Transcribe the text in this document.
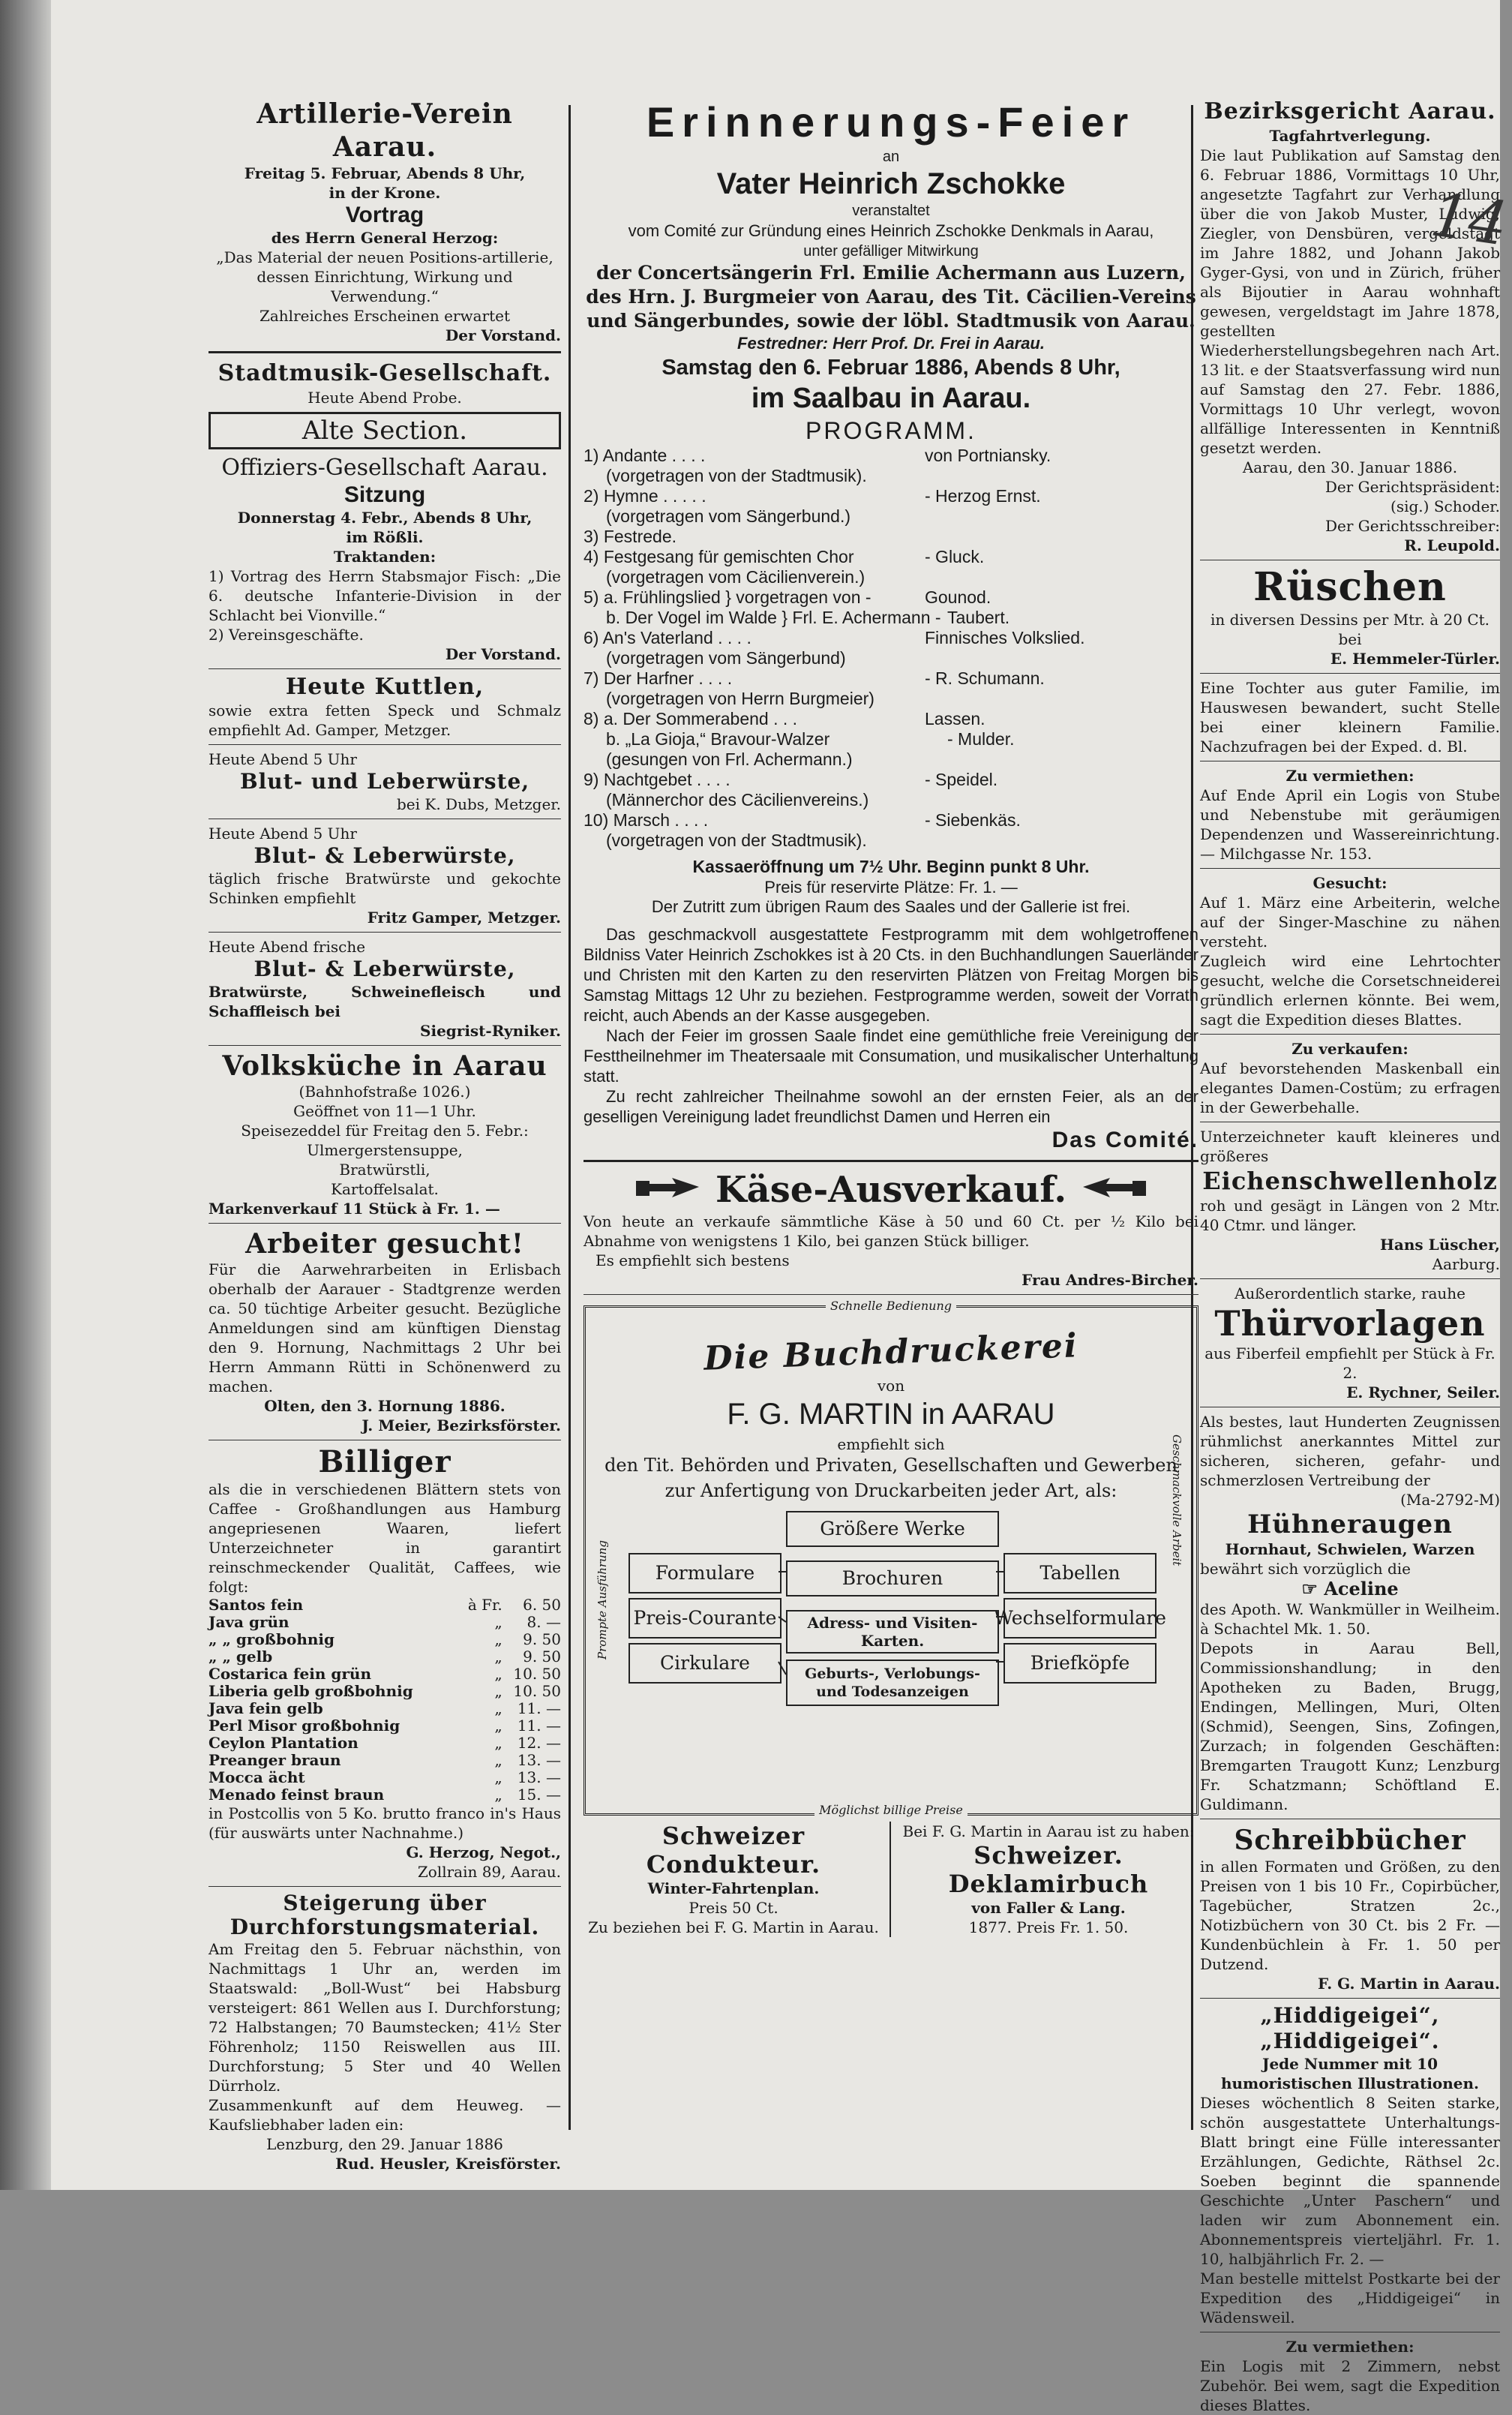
Artillerie-Verein Aarau.

Freitag 5. Februar, Abends 8 Uhr,

in der Krone.

Vortrag

des Herrn General Herzog:

„Das Material der neuen Positions-artillerie, dessen Einrichtung, Wirkung und Verwendung.“

Zahlreiches Erscheinen erwartet

Der Vorstand.

Stadtmusik-Gesellschaft.

Heute Abend Probe.

Alte Section.

Offiziers-Gesellschaft Aarau.

Sitzung

Donnerstag 4. Febr., Abends 8 Uhr,

im Rößli.

Traktanden:

1) Vortrag des Herrn Stabsmajor Fisch: „Die 6. deutsche Infanterie-Division in der Schlacht bei Vionville.“

2) Vereinsgeschäfte.

Der Vorstand.

Heute Kuttlen,

sowie extra fetten Speck und Schmalz empfiehlt Ad. Gamper, Metzger.

Heute Abend 5 Uhr

Blut- und Leberwürste,

bei K. Dubs, Metzger.

Heute Abend 5 Uhr

Blut- & Leberwürste,

täglich frische Bratwürste und gekochte Schinken empfiehlt

Fritz Gamper, Metzger.

Heute Abend frische

Blut- & Leberwürste,

Bratwürste, Schweinefleisch und Schaffleisch bei

Siegrist-Ryniker.

Volksküche in Aarau

(Bahnhofstraße 1026.)

Geöffnet von 11—1 Uhr.

Speisezeddel für Freitag den 5. Febr.:

Ulmergerstensuppe,

Bratwürstli,

Kartoffelsalat.

Markenverkauf 11 Stück à Fr. 1. —

Arbeiter gesucht!

Für die Aarwehrarbeiten in Erlisbach oberhalb der Aarauer - Stadtgrenze werden ca. 50 tüchtige Arbeiter gesucht. Bezügliche Anmeldungen sind am künftigen Dienstag den 9. Hornung, Nachmittags 2 Uhr bei Herrn Ammann Rütti in Schönenwerd zu machen.

Olten, den 3. Hornung 1886.

J. Meier, Bezirksförster.

Billiger

als die in verschiedenen Blättern stets von Caffee - Großhandlungen aus Hamburg angepriesenen Waaren, liefert Unterzeichneter in garantirt reinschmeckender Qualität, Caffees, wie folgt:

Santos fein	à Fr.	6. 50
Java grün	„	8. —
„ „ großbohnig	„	9. 50
„ „ gelb	„	9. 50
Costarica fein grün	„	10. 50
Liberia gelb großbohnig	„	10. 50
Java fein gelb	„	11. —
Perl Misor großbohnig	„	11. —
Ceylon Plantation	„	12. —
Preanger braun	„	13. —
Mocca ächt	„	13. —
Menado feinst braun	„	15. —

in Postcollis von 5 Ko. brutto franco in's Haus (für auswärts unter Nachnahme.)

G. Herzog, Negot.,

Zollrain 89, Aarau.

Steigerung über Durchforstungsmaterial.

Am Freitag den 5. Februar nächsthin, von Nachmittags 1 Uhr an, werden im Staatswald: „Boll-Wust“ bei Habsburg versteigert: 861 Wellen aus I. Durchforstung; 72 Halbstangen; 70 Baumstecken; 41½ Ster Föhrenholz; 1150 Reiswellen aus III. Durchforstung; 5 Ster und 40 Wellen Dürrholz.

Zusammenkunft auf dem Heuweg. — Kaufsliebhaber laden ein:

Lenzburg, den 29. Januar 1886

Rud. Heusler, Kreisförster.

Erinnerungs-Feier

an

Vater Heinrich Zschokke

veranstaltet

vom Comité zur Gründung eines Heinrich Zschokke Denkmals in Aarau,

unter gefälliger Mitwirkung

der Concertsängerin Frl. Emilie Achermann aus Luzern,

des Hrn. J. Burgmeier von Aarau, des Tit. Cäcilien-Vereins

und Sängerbundes, sowie der löbl. Stadtmusik von Aarau.

Festredner: Herr Prof. Dr. Frei in Aarau.

Samstag den 6. Februar 1886, Abends 8 Uhr,

im Saalbau in Aarau.

PROGRAMM.

1) Andante . . . .	von Portniansky.
(vorgetragen von der Stadtmusik).
2) Hymne . . . . .	- Herzog Ernst.
(vorgetragen vom Sängerbund.)
3) Festrede.
4) Festgesang für gemischten Chor	- Gluck.
(vorgetragen vom Cäcilienverein.)
5) a. Frühlingslied } vorgetragen von -	Gounod.
b. Der Vogel im Walde } Frl. E. Achermann - Taubert.
6) An's Vaterland . . . .	Finnisches Volkslied.
(vorgetragen vom Sängerbund)
7) Der Harfner . . . .	- R. Schumann.
(vorgetragen von Herrn Burgmeier)
8) a. Der Sommerabend . . .	Lassen.
b. „La Gioja,“ Bravour-Walzer	- Mulder.
(gesungen von Frl. Achermann.)
9) Nachtgebet . . . .	- Speidel.
(Männerchor des Cäcilienvereins.)
10) Marsch . . . .	- Siebenkäs.
(vorgetragen von der Stadtmusik).

Kassaeröffnung um 7½ Uhr. Beginn punkt 8 Uhr.

Preis für reservirte Plätze: Fr. 1. —

Der Zutritt zum übrigen Raum des Saales und der Gallerie ist frei.

Das geschmackvoll ausgestattete Festprogramm mit dem wohlgetroffenen Bildniss Vater Heinrich Zschokkes ist à 20 Cts. in den Buchhandlungen Sauerländer und Christen mit den Karten zu den reservirten Plätzen von Freitag Morgen bis Samstag Mittags 12 Uhr zu beziehen. Festprogramme werden, soweit der Vorrath reicht, auch Abends an der Kasse ausgegeben.

Nach der Feier im grossen Saale findet eine gemüthliche freie Vereinigung der Festtheilnehmer im Theatersaale mit Consumation, und musikalischer Unterhaltung statt.

Zu recht zahlreicher Theilnahme sowohl an der ernsten Feier, als an der geselligen Vereinigung ladet freundlichst Damen und Herren ein

Das Comité.

Käse-Ausverkauf.

Von heute an verkaufe sämmtliche Käse à 50 und 60 Ct. per ½ Kilo bei Abnahme von wenigstens 1 Kilo, bei ganzen Stück billiger.

Es empfiehlt sich bestens

Frau Andres-Bircher.

Schnelle Bedienung

Möglichst billige Preise

Prompte Ausführung
Geschmackvolle Arbeit

Die Buchdruckerei

von

F. G. MARTIN in AARAU

empfiehlt sich

den Tit. Behörden und Privaten, Gesellschaften und Gewerben

zur Anfertigung von Druckarbeiten jeder Art, als:

Größere Werke
Formulare	Tabellen
Brochuren
Preis-Courante	Wechselformulare
Adress- und Visiten-Karten.
Cirkulare	Briefköpfe
Geburts-, Verlobungs- und Todesanzeigen

Schweizer Condukteur.

Winter-Fahrtenplan.

Preis 50 Ct.

Zu beziehen bei F. G. Martin in Aarau.

Bei F. G. Martin in Aarau ist zu haben:

Schweizer. Deklamirbuch

von Faller & Lang.

1877. Preis Fr. 1. 50.

14

Bezirksgericht Aarau.

Tagfahrtverlegung.

Die laut Publikation auf Samstag den 6. Februar 1886, Vormittags 10 Uhr, angesetzte Tagfahrt zur Verhandlung über die von Jakob Muster, Ludwig, Ziegler, von Densbüren, vergeldstagt im Jahre 1882, und Johann Jakob Gyger-Gysi, von und in Zürich, früher als Bijoutier in Aarau wohnhaft gewesen, vergeldstagt im Jahre 1878, gestellten Wiederherstellungsbegehren nach Art. 13 lit. e der Staatsverfassung wird nun auf Samstag den 27. Febr. 1886, Vormittags 10 Uhr verlegt, wovon allfällige Interessenten in Kenntniß gesetzt werden.

Aarau, den 30. Januar 1886.

Der Gerichtspräsident:

(sig.) Schoder.

Der Gerichtsschreiber:

R. Leupold.

Rüschen

in diversen Dessins per Mtr. à 20 Ct. bei

E. Hemmeler-Türler.

Eine Tochter aus guter Familie, im Hauswesen bewandert, sucht Stelle bei einer kleinern Familie. Nachzufragen bei der Exped. d. Bl.

Zu vermiethen:

Auf Ende April ein Logis von Stube und Nebenstube mit geräumigen Dependenzen und Wassereinrichtung. — Milchgasse Nr. 153.

Gesucht:

Auf 1. März eine Arbeiterin, welche auf der Singer-Maschine zu nähen versteht.

Zugleich wird eine Lehrtochter gesucht, welche die Corsetschneiderei gründlich erlernen könnte. Bei wem, sagt die Expedition dieses Blattes.

Zu verkaufen:

Auf bevorstehenden Maskenball ein elegantes Damen-Costüm; zu erfragen in der Gewerbehalle.

Unterzeichneter kauft kleineres und größeres

Eichenschwellenholz

roh und gesägt in Längen von 2 Mtr. 40 Ctmr. und länger.

Hans Lüscher,

Aarburg.

Außerordentlich starke, rauhe

Thürvorlagen

aus Fiberfeil empfiehlt per Stück à Fr. 2.

E. Rychner, Seiler.

Als bestes, laut Hunderten Zeugnissen rühmlichst anerkanntes Mittel zur sicheren, sicheren, gefahr- und schmerzlosen Vertreibung der

(Ma-2792-M)

Hühneraugen

Hornhaut, Schwielen, Warzen

bewährt sich vorzüglich die

☞ Aceline

des Apoth. W. Wankmüller in Weilheim. à Schachtel Mk. 1. 50.

Depots in Aarau Bell, Commissionshandlung; in den Apotheken zu Baden, Brugg, Endingen, Mellingen, Muri, Olten (Schmid), Seengen, Sins, Zofingen, Zurzach; in folgenden Geschäften: Bremgarten Traugott Kunz; Lenzburg Fr. Schatzmann; Schöftland E. Guldimann.

Schreibbücher

in allen Formaten und Größen, zu den Preisen von 1 bis 10 Fr., Copirbücher, Tagebücher, Stratzen 2c., Notizbüchern von 30 Ct. bis 2 Fr. — Kundenbüchlein à Fr. 1. 50 per Dutzend.

F. G. Martin in Aarau.

„Hiddigeigei“, „Hiddigeigei“.

Jede Nummer mit 10 humoristischen Illustrationen.

Dieses wöchentlich 8 Seiten starke, schön ausgestattete Unterhaltungs-Blatt bringt eine Fülle interessanter Erzählungen, Gedichte, Räthsel 2c. Soeben beginnt die spannende Geschichte „Unter Paschern“ und laden wir zum Abonnement ein. Abonnementspreis vierteljährl. Fr. 1. 10, halbjährlich Fr. 2. —

Man bestelle mittelst Postkarte bei der Expedition des „Hiddigeigei“ in Wädensweil.

Zu vermiethen:

Ein Logis mit 2 Zimmern, nebst Zubehör. Bei wem, sagt die Expedition dieses Blattes.
